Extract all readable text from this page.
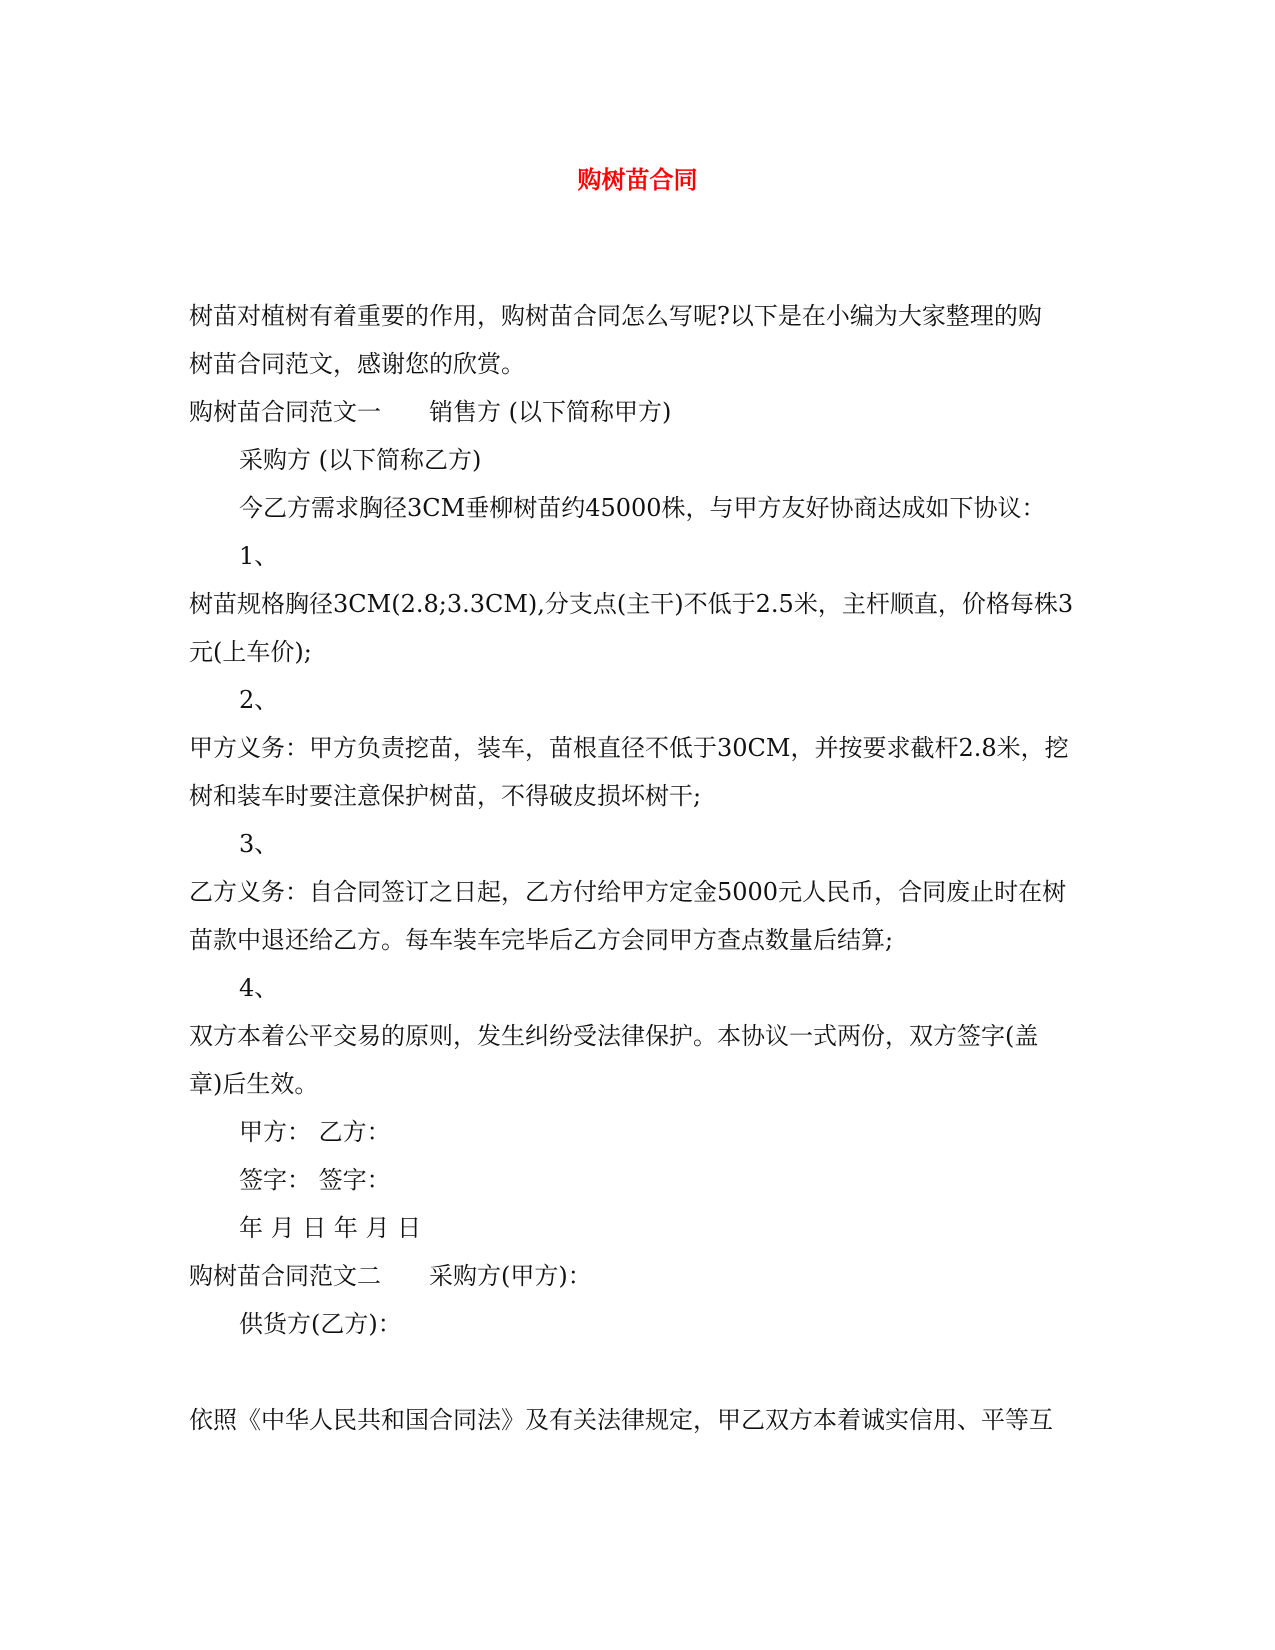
购树苗合同
树苗对植树有着重要的作用，购树苗合同怎么写呢?以下是在小编为大家整理的购
树苗合同范文，感谢您的欣赏。
购树苗合同范文一 销售方 (以下简称甲方)
采购方 (以下简称乙方)
今乙方需求胸径3CM垂柳树苗约45000株，与甲方友好协商达成如下协议：
1、
树苗规格胸径3CM(2.8;3.3CM),分支点(主干)不低于2.5米，主杆顺直，价格每株3
元(上车价);
2、
甲方义务：甲方负责挖苗，装车，苗根直径不低于30CM，并按要求截杆2.8米，挖
树和装车时要注意保护树苗，不得破皮损坏树干;
3、
乙方义务：自合同签订之日起，乙方付给甲方定金5000元人民币，合同废止时在树
苗款中退还给乙方。每车装车完毕后乙方会同甲方查点数量后结算;
4、
双方本着公平交易的原则，发生纠纷受法律保护。本协议一式两份，双方签字(盖
章)后生效。
甲方： 乙方：
签字： 签字：
年 月 日 年 月 日
购树苗合同范文二 采购方(甲方)：
供货方(乙方)：
依照《中华人民共和国合同法》及有关法律规定，甲乙双方本着诚实信用、平等互
